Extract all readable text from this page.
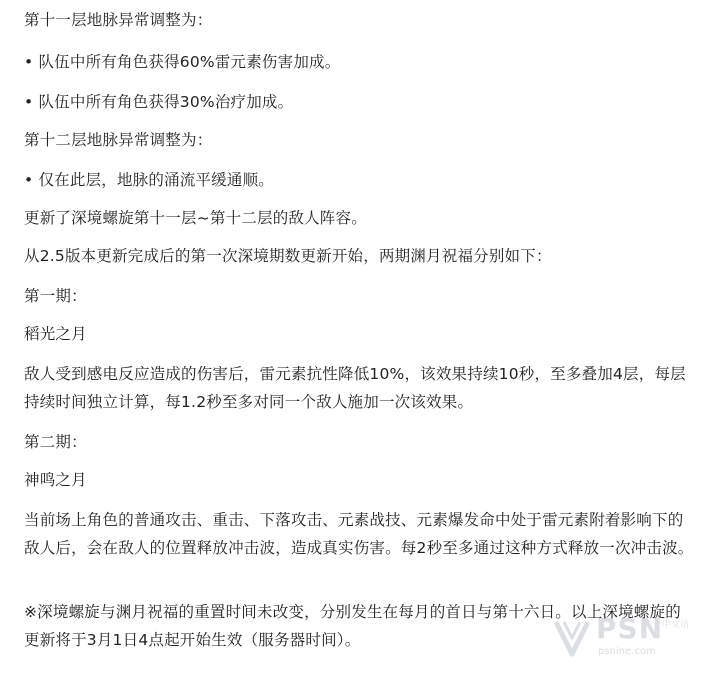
第十一层地脉异常调整为：

• 队伍中所有角色获得60%雷元素伤害加成。

• 队伍中所有角色获得30%治疗加成。

第十二层地脉异常调整为：

• 仅在此层，地脉的涌流平缓通顺。

更新了深境螺旋第十一层~第十二层的敌人阵容。

从2.5版本更新完成后的第一次深境期数更新开始，两期渊月祝福分别如下：

第一期：

稻光之月

敌人受到感电反应造成的伤害后，雷元素抗性降低10%，该效果持续10秒，至多叠加4层，每层持续时间独立计算，每1.2秒至多对同一个敌人施加一次该效果。

第二期：

神鸣之月

当前场上角色的普通攻击、重击、下落攻击、元素战技、元素爆发命中处于雷元素附着影响下的敌人后，会在敌人的位置释放冲击波，造成真实伤害。每2秒至多通过这种方式释放一次冲击波。

※深境螺旋与渊月祝福的重置时间未改变，分别发生在每月的首日与第十六日。以上深境螺旋的更新将于3月1日4点起开始生效（服务器时间）。	PSN
中文站
psnine.com
